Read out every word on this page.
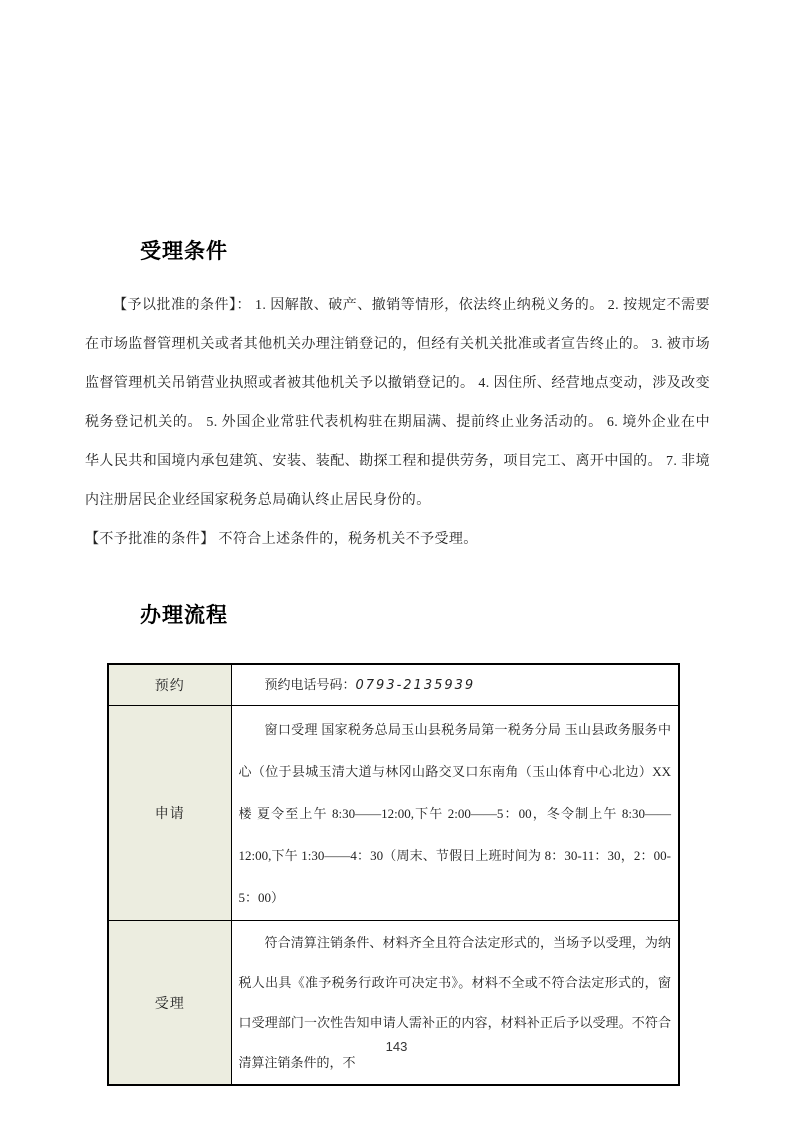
受理条件

【予以批准的条件】： 1. 因解散、破产、撤销等情形，依法终止纳税义务的。 2. 按规定不需要在市场监督管理机关或者其他机关办理注销登记的，但经有关机关批准或者宣告终止的。 3. 被市场监督管理机关吊销营业执照或者被其他机关予以撤销登记的。 4. 因住所、经营地点变动，涉及改变税务登记机关的。 5. 外国企业常驻代表机构驻在期届满、提前终止业务活动的。 6. 境外企业在中华人民共和国境内承包建筑、安装、装配、勘探工程和提供劳务，项目完工、离开中国的。 7. 非境内注册居民企业经国家税务总局确认终止居民身份的。

【不予批准的条件】 不符合上述条件的，税务机关不予受理。

办理流程
预约	预约电话号码：0793-2135939

申请	窗口受理 国家税务总局玉山县税务局第一税务分局 玉山县政务服务中心（位于县城玉清大道与林冈山路交叉口东南角（玉山体育中心北边）XX 楼 夏令至上午 8:30——12:00,下午 2:00——5：00，冬令制上午 8:30——12:00,下午 1:30——4：30（周末、节假日上班时间为 8：30-11：30，2：00-5：00）

受理	符合清算注销条件、材料齐全且符合法定形式的，当场予以受理，为纳税人出具《准予税务行政许可决定书》。材料不全或不符合法定形式的，窗口受理部门一次性告知申请人需补正的内容，材料补正后予以受理。不符合清算注销条件的，不

143
